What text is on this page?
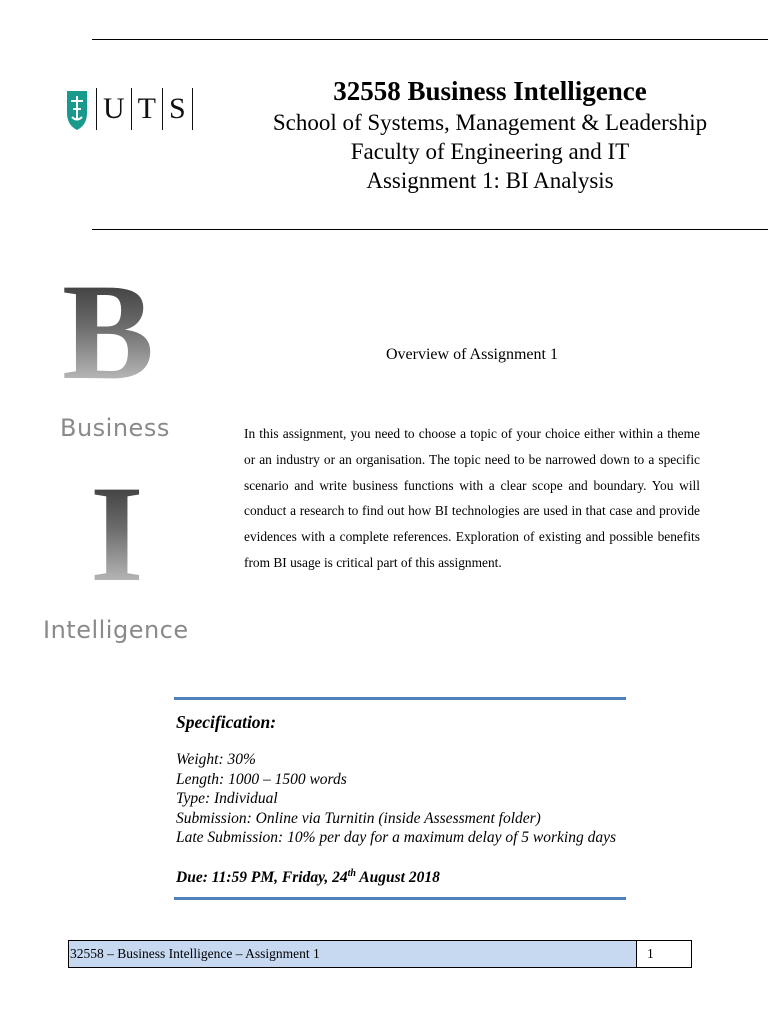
U T S

32558 Business Intelligence

School of Systems, Management & Leadership

Faculty of Engineering and IT

Assignment 1: BI Analysis

B
Business
I
Intelligence
Overview of Assignment 1
In this assignment, you need to choose a topic of your choice either within a theme or an industry or an organisation. The topic need to be narrowed down to a specific scenario and write business functions with a clear scope and boundary. You will conduct a research to find out how BI technologies are used in that case and provide evidences with a complete references. Exploration of existing and possible benefits from BI usage is critical part of this assignment.
Specification:

Weight: 30%

Length: 1000 – 1500 words

Type: Individual

Submission: Online via Turnitin (inside Assessment folder)

Late Submission: 10% per day for a maximum delay of 5 working days

Due: 11:59 PM, Friday, 24th August 2018
32558 – Business Intelligence – Assignment 1	1
